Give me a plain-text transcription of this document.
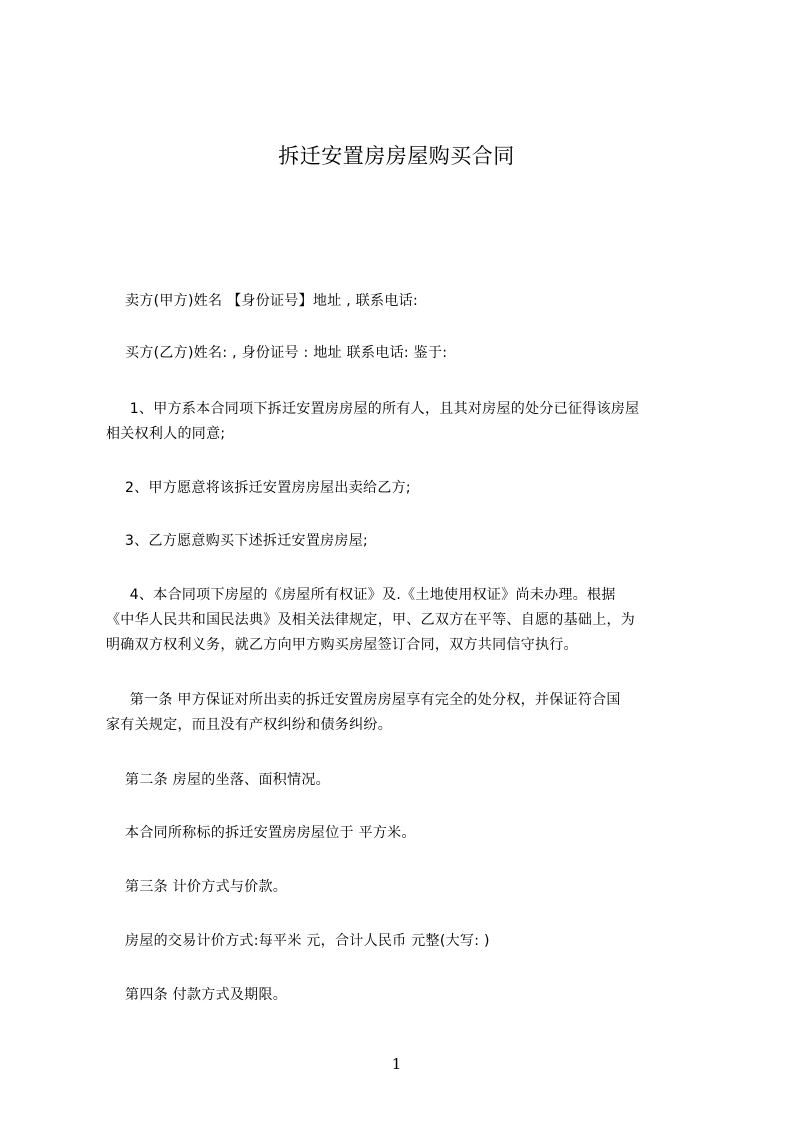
拆迁安置房房屋购买合同
卖方(甲方)姓名 【身份证号】地址 , 联系电话:
买方(乙方)姓名: , 身份证号 : 地址 联系电话: 鉴于:
1、甲方系本合同项下拆迁安置房房屋的所有人，且其对房屋的处分已征得该房屋
相关权利人的同意;
2、甲方愿意将该拆迁安置房房屋出卖给乙方;
3、乙方愿意购买下述拆迁安置房房屋;
4、本合同项下房屋的《房屋所有权证》及.《土地使用权证》尚未办理。根据
《中华人民共和国民法典》及相关法律规定，甲、乙双方在平等、自愿的基础上，为
明确双方权利义务，就乙方向甲方购买房屋签订合同，双方共同信守执行。
第一条 甲方保证对所出卖的拆迁安置房房屋享有完全的处分权，并保证符合国
家有关规定，而且没有产权纠纷和债务纠纷。
第二条 房屋的坐落、面积情况。
本合同所称标的拆迁安置房房屋位于 平方米。
第三条 计价方式与价款。
房屋的交易计价方式:每平米 元，合计人民币 元整(大写: )
第四条 付款方式及期限。
1
